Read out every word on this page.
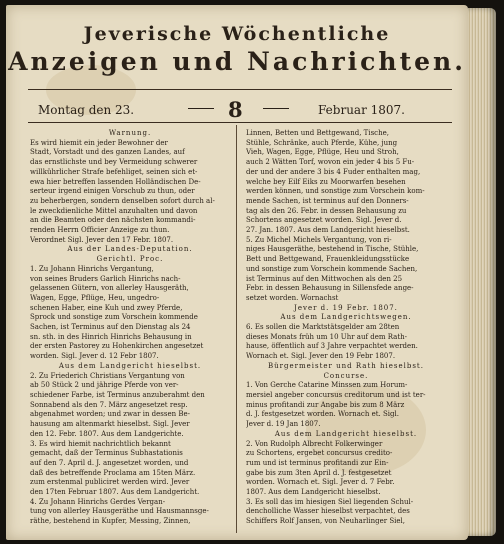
Jeverische Wöchentliche
Anzeigen und Nachrichten.
Montag den 23.	8	Februar 1807.

Warnung.

Es wird hiemit ein jeder Bewohner der

Stadt, Vorstadt und des ganzen Landes, auf

das ernstlichste und bey Vermeidung schwerer

willkührlicher Strafe befehliget, seinen sich et-

ewa hier betreffen lassenden Holländischen De-

serteur irgend einigen Vorschub zu thun, oder

zu beherbergen, sondern denselben sofort durch al-

le zweckdienliche Mittel anzuhalten und davon

an die Beamten oder den nächsten kommandi-

renden Herrn Officier Anzeige zu thun.

Verordnet Sigl. Jever den 17 Febr. 1807.

Aus der Landes-Deputation.

Gerichtl. Proc.

1. Zu Johann Hinrichs Vergantung,

von seines Bruders Garlich Hinrichs nach-

gelassenen Gütern, von allerley Hausgeräth,

Wagen, Egge, Pflüge, Heu, ungedro-

schenen Haber, eine Kuh und zwey Pferde,

Sprock und sonstige zum Vorschein kommende

Sachen, ist Terminus auf den Dienstag als 24

sn. sth. in des Hinrich Hinrichs Behausung in

der ersten Pastorey zu Hohenkirchen angesetzet

worden. Sigl. Jever d. 12 Febr 1807.

Aus dem Landgericht hieselbst.

2. Zu Friederich Christians Vergantung von

ab 50 Stück 2 und jährige Pferde von ver-

schiedener Farbe, ist Terminus anzuberahmt den

Sonnabend als den 7. März angesetzet resp.

abgenahmet worden; und zwar in dessen Be-

hausung am altenmarkt hieselbst. Sigl. Jever

den 12. Febr. 1807. Aus dem Landgerichte.

3. Es wird hiemit nachrichtlich bekannt

gemacht, daß der Terminus Subhastationis

auf den 7. April d. J. angesetzet worden, und

daß des betreffende Proclama am 15ten März.

zum erstenmal publiciret werden wird. Jever

den 17ten Februar 1807. Aus dem Landgericht.

4. Zu Johann Hinrichs Gerdes Vergan-

tung von allerley Hausgeräthe und Hausmannsge-

räthe, bestehend in Kupfer, Messing, Zinnen,

Linnen, Betten und Bettgewand, Tische,

Stühle, Schränke, auch Pferde, Kühe, jung

Vieh, Wagen, Egge, Pflüge, Heu und Stroh,

auch 2 Wätten Torf, wovon ein jeder 4 bis 5 Fu-

der und der andere 3 bis 4 Fuder enthalten mag,

welche bey Eilf Eiks zu Moorwarfen besehen

werden können, und sonstige zum Vorschein kom-

mende Sachen, ist terminus auf den Donners-

tag als den 26. Febr. in dessen Behausung zu

Schortens angesetzet worden. Sigl. Jever d.

27. Jan. 1807. Aus dem Landgericht hieselbst.

5. Zu Michel Michels Vergantung, von ri-

niges Hausgeräthe, bestehend in Tische, Stühle,

Bett und Bettgewand, Frauenkleidungsstücke

und sonstige zum Vorschein kommende Sachen,

ist Terminus auf den Mittwochen als den 25

Febr. in dessen Behausung in Sillensfede ange-

setzet worden. Wornachst

Jever d. 19 Febr. 1807.

Aus dem Landgerichtswegen.

6. Es sollen die Marktstätsgelder am 28ten

dieses Monats früh um 10 Uhr auf dem Rath-

hause, öffentlich auf 3 Jahre verpachtet werden.

Wornach et. Sigl. Jever den 19 Febr 1807.

Bürgermeister und Rath hieselbst.

Concurse.

1. Von Gerche Catarine Minssen zum Horum-

mersiel angeber concursus creditorum und ist ter-

minus profitandi zur Angabe bis zum 8 März

d. J. festgesetzet worden. Wornach et. Sigl.

Jever d. 19 Jan 1807.

Aus dem Landgericht hieselbst.

2. Von Rudolph Albrecht Folkerwinger

zu Schortens, ergebet concursus credito-

rum und ist terminus profitandi zur Ein-

gabe bis zum 3ten April d. J. festgesetzet

worden. Wornach et. Sigl. Jever d. 7 Febr.

1807. Aus dem Landgericht hieselbst.

3. Es soll das im hiesigen Siel liegenden Schul-

dencholliche Wasser hieselbst verpachtet, des

Schiffers Rolf Jansen, von Neuharlinger Siel,
